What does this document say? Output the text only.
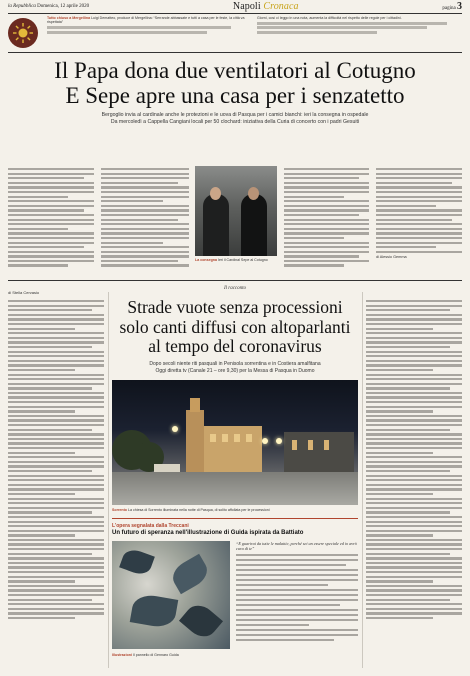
la Repubblica Domenica, 12 aprile 2020	Napoli Cronaca	pagina 3
Tutto chiuso a Mergellina Luigi Dematteo, produce di Mergellina: “Serrande abbassate e tutti a casa per le feste, la città va rispettata”
Giorni, così ci leggo in una nota, aumenta la difficoltà nel rispetto delle regole per i cittadini.
Il Papa dona due ventilatori al Cotugno
E Sepe apre una casa per i senzatetto
Bergoglio invia al cardinale anche le protezioni e le uova di Pasqua per i camici bianchi: ieri la consegna in ospedale
Da mercoledì a Cappella Cangiani locali per 50 clochard: iniziativa della Curia di concerto con i padri Gesuiti
La consegna Ieri il Cardinal Sepe al Cotugno
di Alessio Gemma
di Stella Cervasio
Il racconto
Strade vuote senza processioni
solo canti diffusi con altoparlanti
al tempo del coronavirus
Dopo secoli niente riti pasquali in Penisola sorrentina e in Costiera amalfitana
Oggi diretta tv (Canale 21 – ore 9,30) per la Messa di Pasqua in Duomo
Sorrento La chiesa di Sorrento illuminata nella notte di Pasqua, di solito affollata per le processioni
L'opera segnalata dalla Treccani
Un futuro di speranza nell'illustrazione di Guida ispirata da Battiato
Illustrazioni Il pannello di Gennaro Guida
“E guarirai da tutte le malattie, perché sei un essere speciale ed io avrò cura di te”
